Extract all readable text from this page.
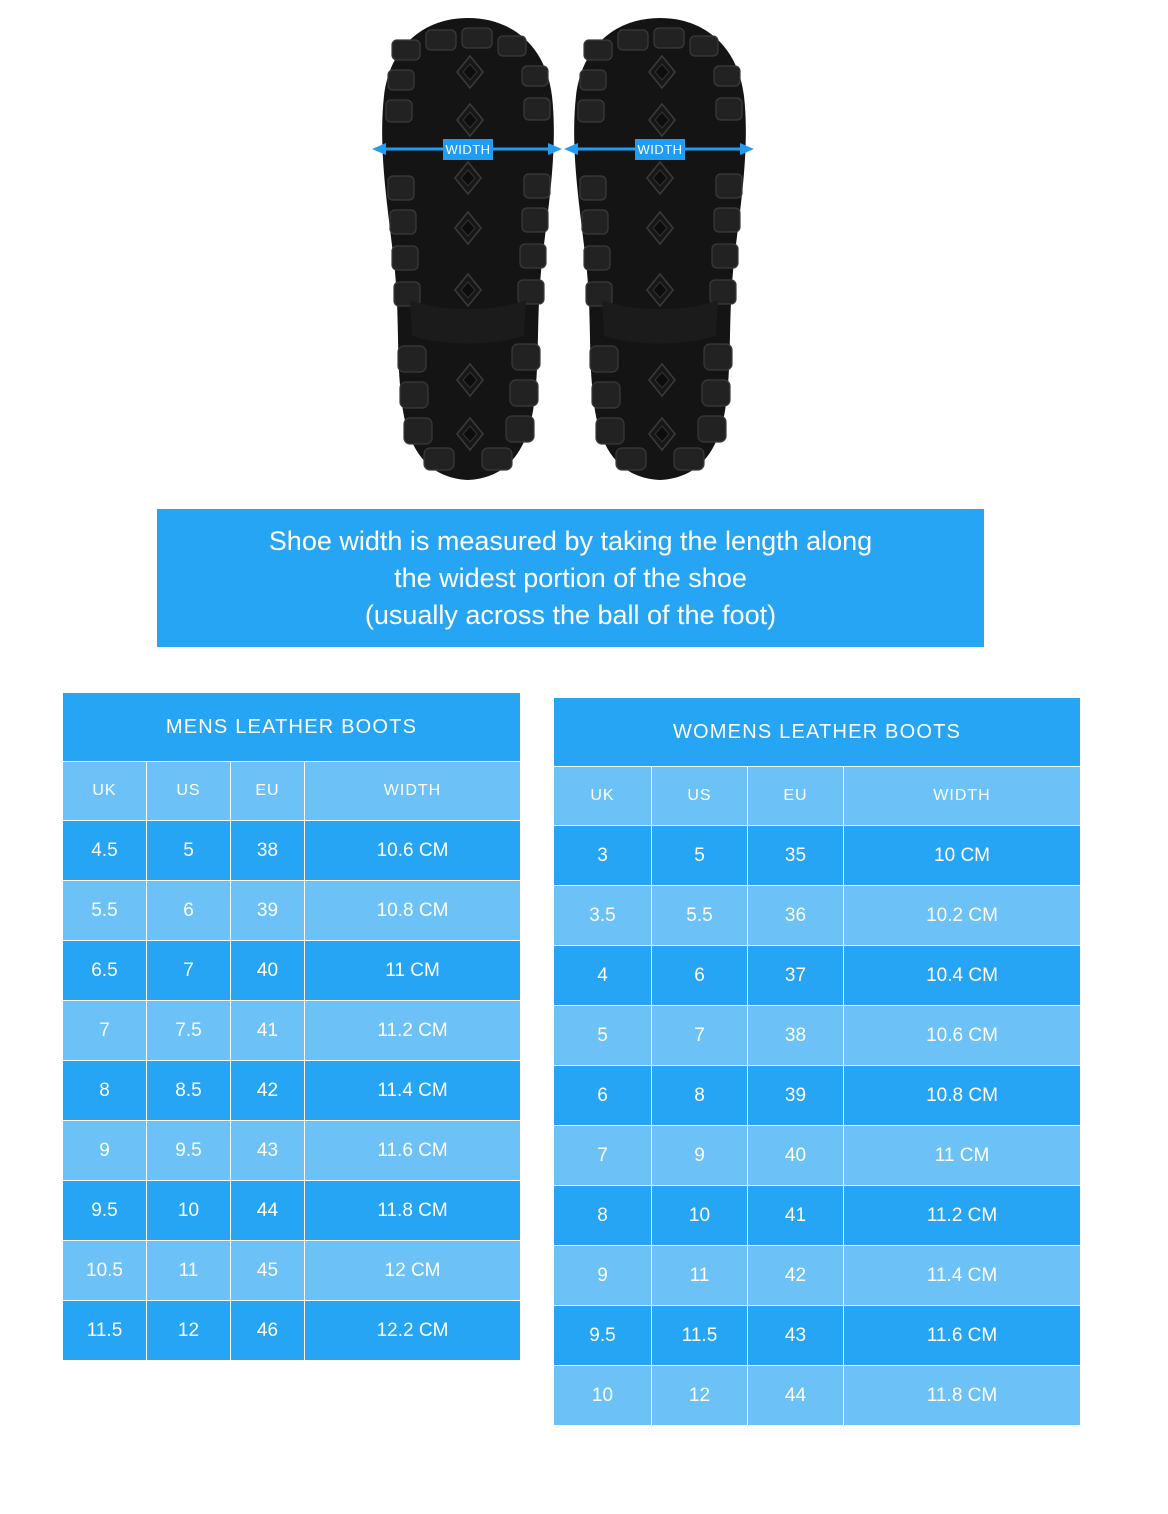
WIDTH	WIDTH
Shoe width is measured by taking the length along
the widest portion of the shoe
(usually across the ball of the foot)
MENS LEATHER BOOTS			
UK	US	EU	WIDTH
4.5	5	38	10.6 CM
5.5	6	39	10.8 CM
6.5	7	40	11 CM
7	7.5	41	11.2 CM
8	8.5	42	11.4 CM
9	9.5	43	11.6 CM
9.5	10	44	11.8 CM
10.5	11	45	12 CM
11.5	12	46	12.2 CM
WOMENS LEATHER BOOTS			
UK	US	EU	WIDTH
3	5	35	10 CM
3.5	5.5	36	10.2 CM
4	6	37	10.4 CM
5	7	38	10.6 CM
6	8	39	10.8 CM
7	9	40	11 CM
8	10	41	11.2 CM
9	11	42	11.4 CM
9.5	11.5	43	11.6 CM
10	12	44	11.8 CM
